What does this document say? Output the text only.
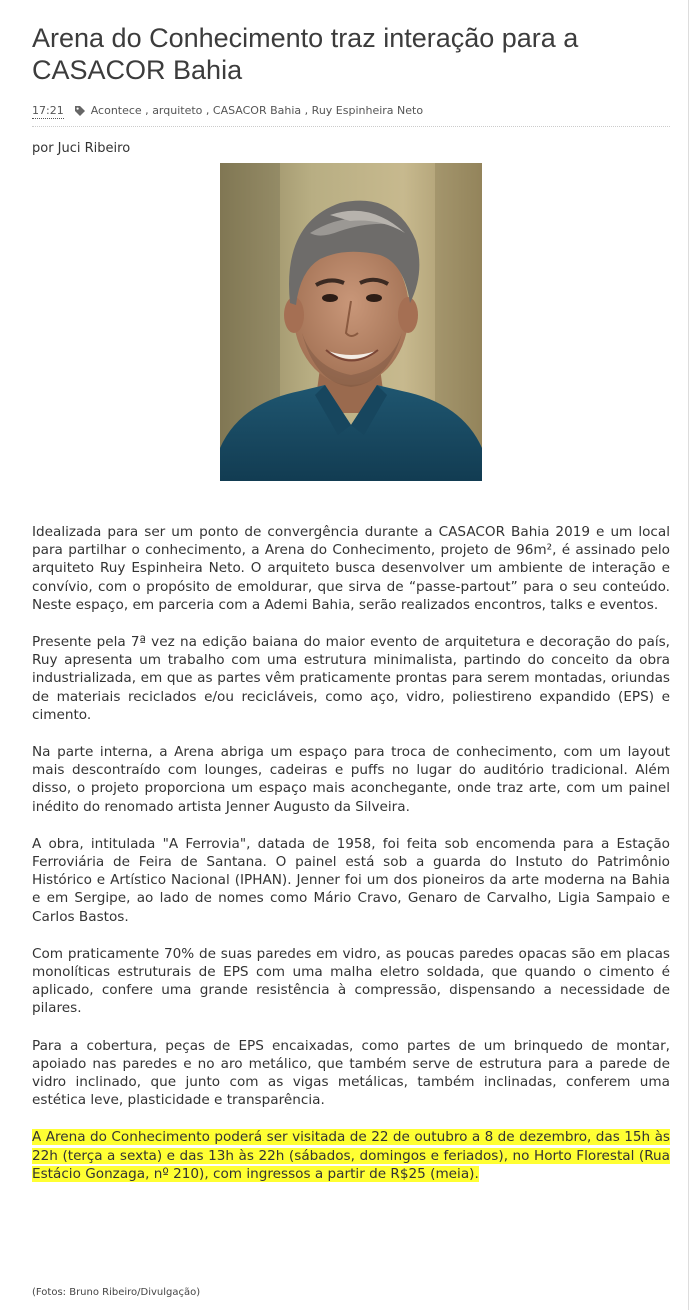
Arena do Conhecimento traz interação para a CASACOR Bahia
17:21 Acontece , arquiteto , CASACOR Bahia , Ruy Espinheira Neto
por Juci Ribeiro

Idealizada para ser um ponto de convergência durante a CASACOR Bahia 2019 e um local para partilhar o conhecimento, a Arena do Conhecimento, projeto de 96m², é assinado pelo arquiteto Ruy Espinheira Neto. O arquiteto busca desenvolver um ambiente de interação e convívio, com o propósito de emoldurar, que sirva de “passe-partout” para o seu conteúdo. Neste espaço, em parceria com a Ademi Bahia, serão realizados encontros, talks e eventos.

Presente pela 7ª vez na edição baiana do maior evento de arquitetura e decoração do país, Ruy apresenta um trabalho com uma estrutura minimalista, partindo do conceito da obra industrializada, em que as partes vêm praticamente prontas para serem montadas, oriundas de materiais reciclados e/ou recicláveis, como aço, vidro, poliestireno expandido (EPS) e cimento.

Na parte interna, a Arena abriga um espaço para troca de conhecimento, com um layout mais descontraído com lounges, cadeiras e puffs no lugar do auditório tradicional. Além disso, o projeto proporciona um espaço mais aconchegante, onde traz arte, com um painel inédito do renomado artista Jenner Augusto da Silveira.

A obra, intitulada "A Ferrovia", datada de 1958, foi feita sob encomenda para a Estação Ferroviária de Feira de Santana. O painel está sob a guarda do Instuto do Patrimônio Histórico e Artístico Nacional (IPHAN). Jenner foi um dos pioneiros da arte moderna na Bahia e em Sergipe, ao lado de nomes como Mário Cravo, Genaro de Carvalho, Ligia Sampaio e Carlos Bastos.

Com praticamente 70% de suas paredes em vidro, as poucas paredes opacas são em placas monolíticas estruturais de EPS com uma malha eletro soldada, que quando o cimento é aplicado, confere uma grande resistência à compressão, dispensando a necessidade de pilares.

Para a cobertura, peças de EPS encaixadas, como partes de um brinquedo de montar, apoiado nas paredes e no aro metálico, que também serve de estrutura para a parede de vidro inclinado, que junto com as vigas metálicas, também inclinadas, conferem uma estética leve, plasticidade e transparência.

A Arena do Conhecimento poderá ser visitada de 22 de outubro a 8 de dezembro, das 15h às 22h (terça a sexta) e das 13h às 22h (sábados, domingos e feriados), no Horto Florestal (Rua Estácio Gonzaga, nº 210), com ingressos a partir de R$25 (meia).

(Fotos: Bruno Ribeiro/Divulgação)
